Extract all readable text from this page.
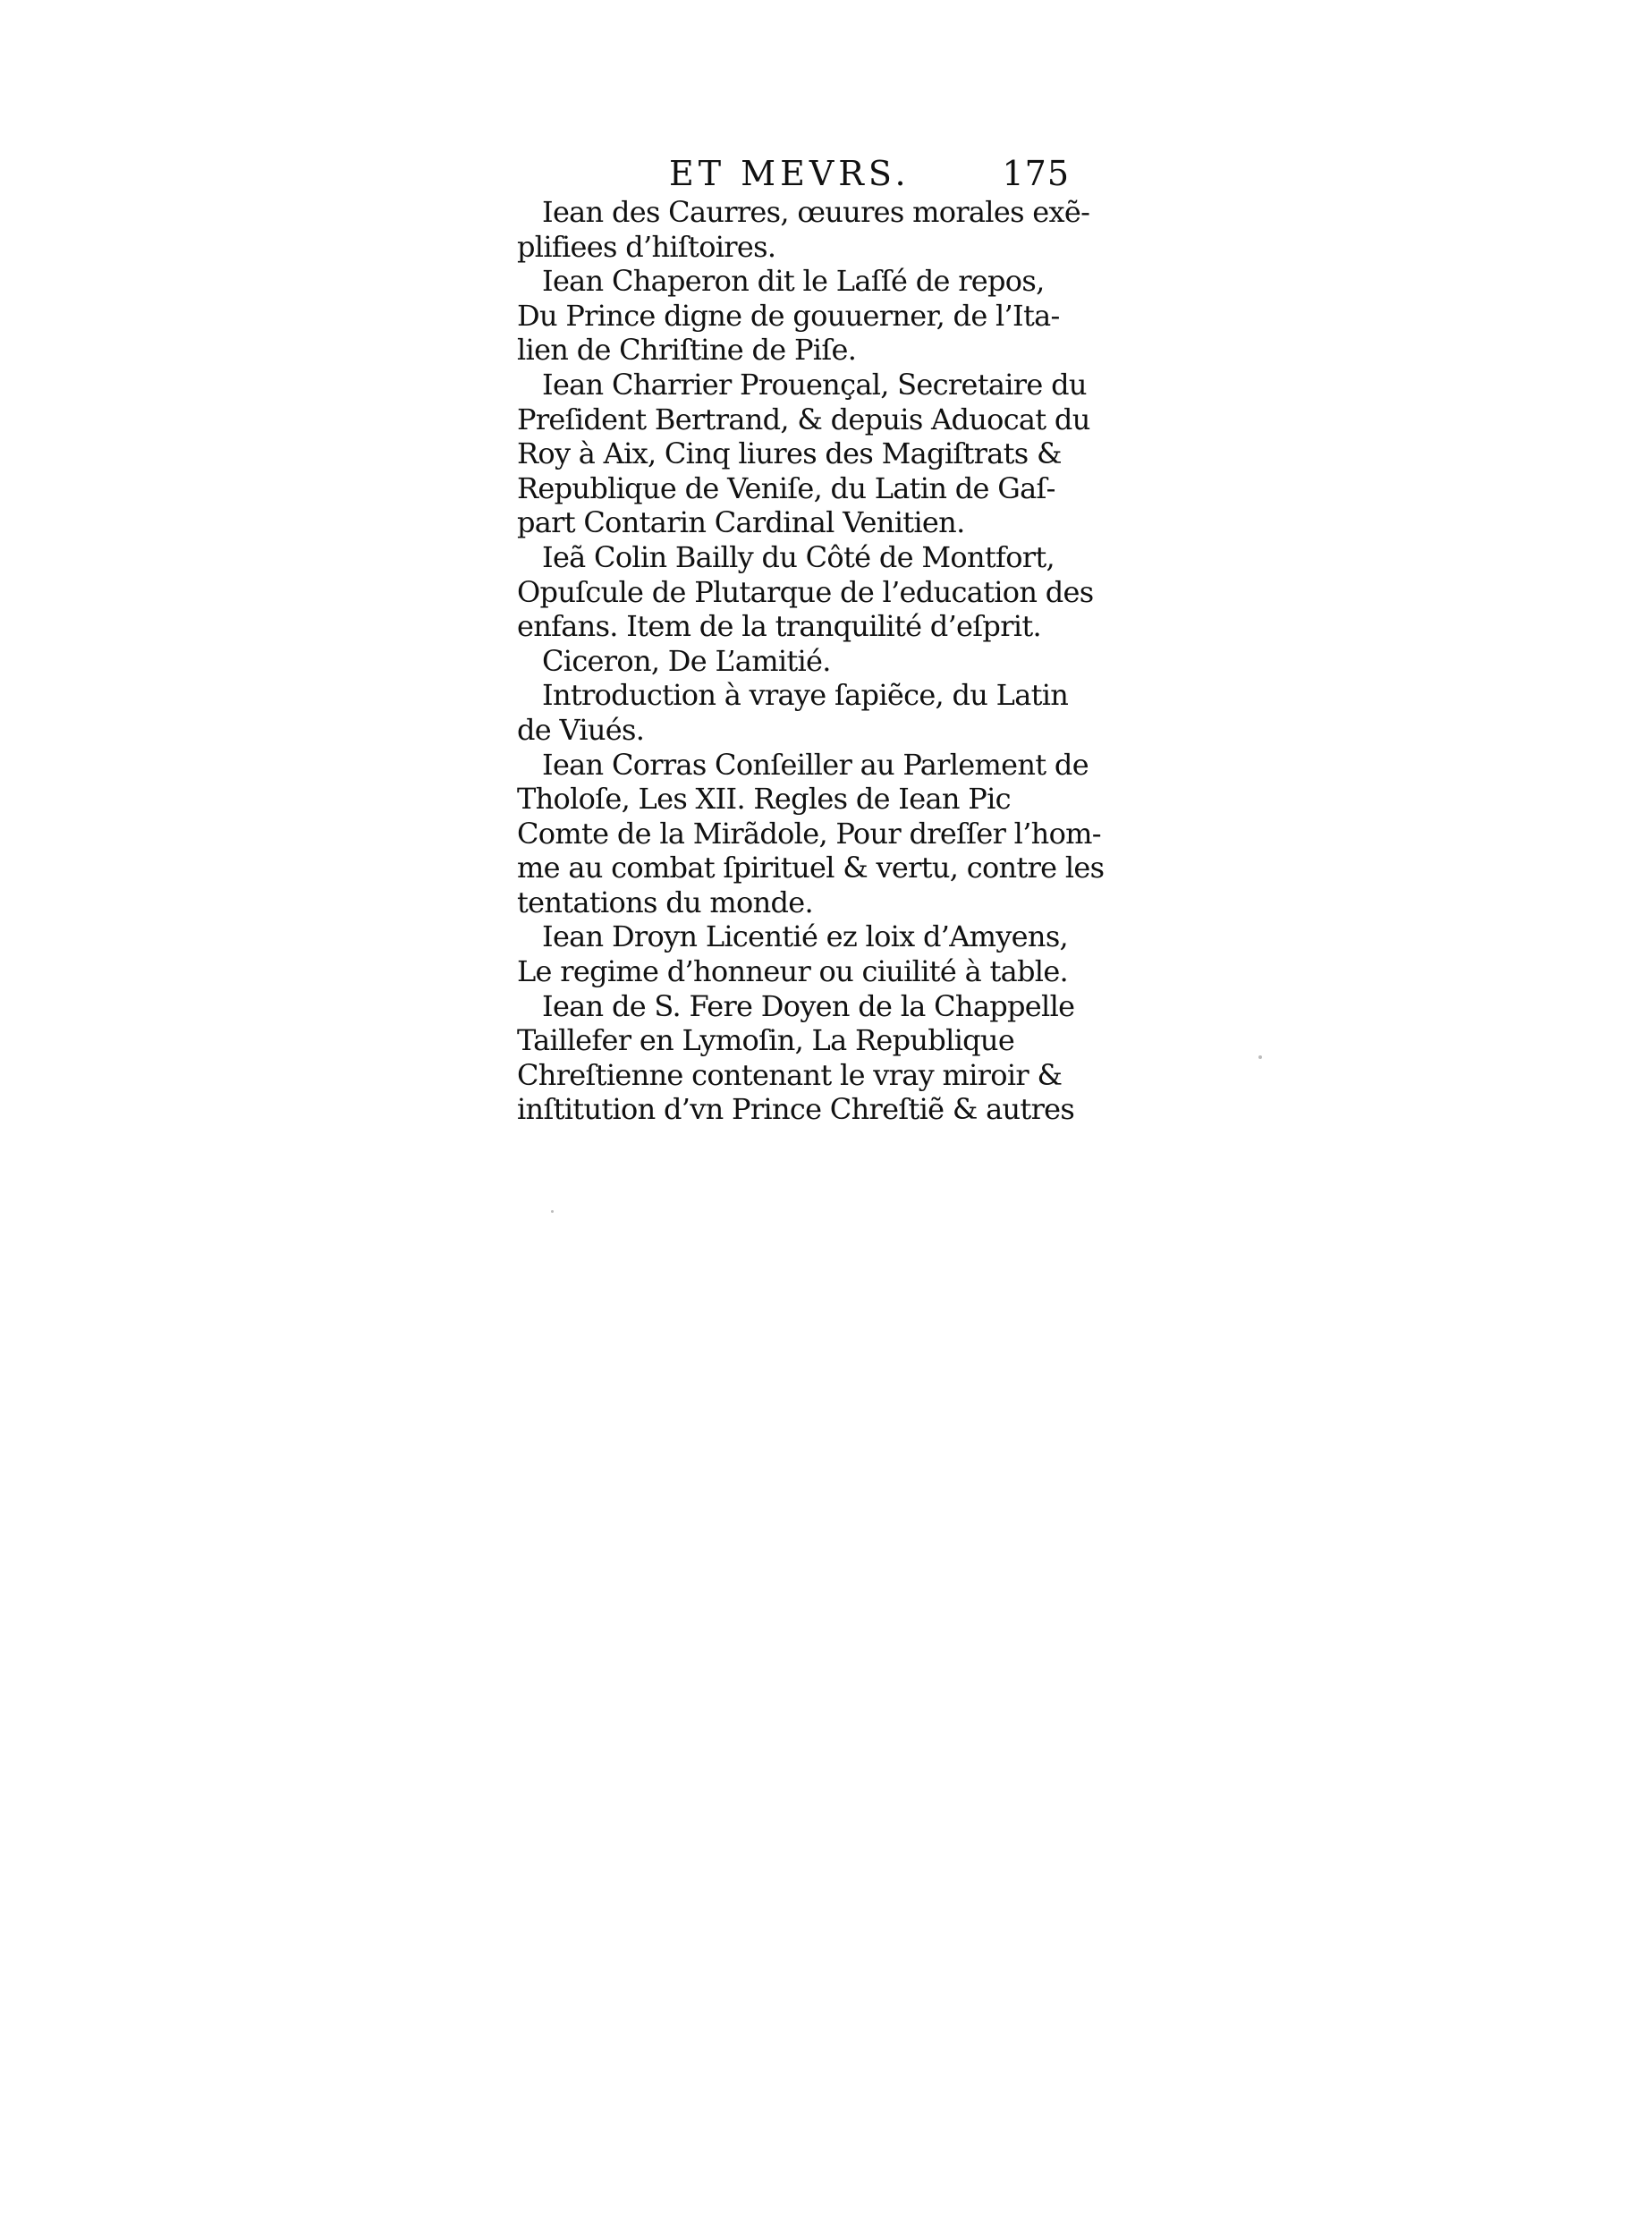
ET MEVRS.	175
Iean des Caurres, œuures morales exẽ-
plifiees d’hiſtoires.
Iean Chaperon dit le Laſſé de repos,
Du Prince digne de gouuerner, de l’Ita-
lien de Chriſtine de Piſe.
Iean Charrier Prouençal, Secretaire du
Preſident Bertrand, & depuis Aduocat du
Roy à Aix, Cinq liures des Magiſtrats &
Republique de Veniſe, du Latin de Gaſ-
part Contarin Cardinal Venitien.
Ieã Colin Bailly du Côté de Montfort,
Opuſcule de Plutarque de l’education des
enfans. Item de la tranquilité d’eſprit.
Ciceron, De L’amitié.
Introduction à vraye ſapiẽce, du Latin
de Viués.
Iean Corras Conſeiller au Parlement de
Tholoſe, Les XII. Regles de Iean Pic
Comte de la Mirãdole, Pour dreſſer l’hom-
me au combat ſpirituel & vertu, contre les
tentations du monde.
Iean Droyn Licentié ez loix d’Amyens,
Le regime d’honneur ou ciuilité à table.
Iean de S. Fere Doyen de la Chappelle
Taillefer en Lymoſin, La Republique
Chreſtienne contenant le vray miroir &
inſtitution d’vn Prince Chreſtiẽ & autres
